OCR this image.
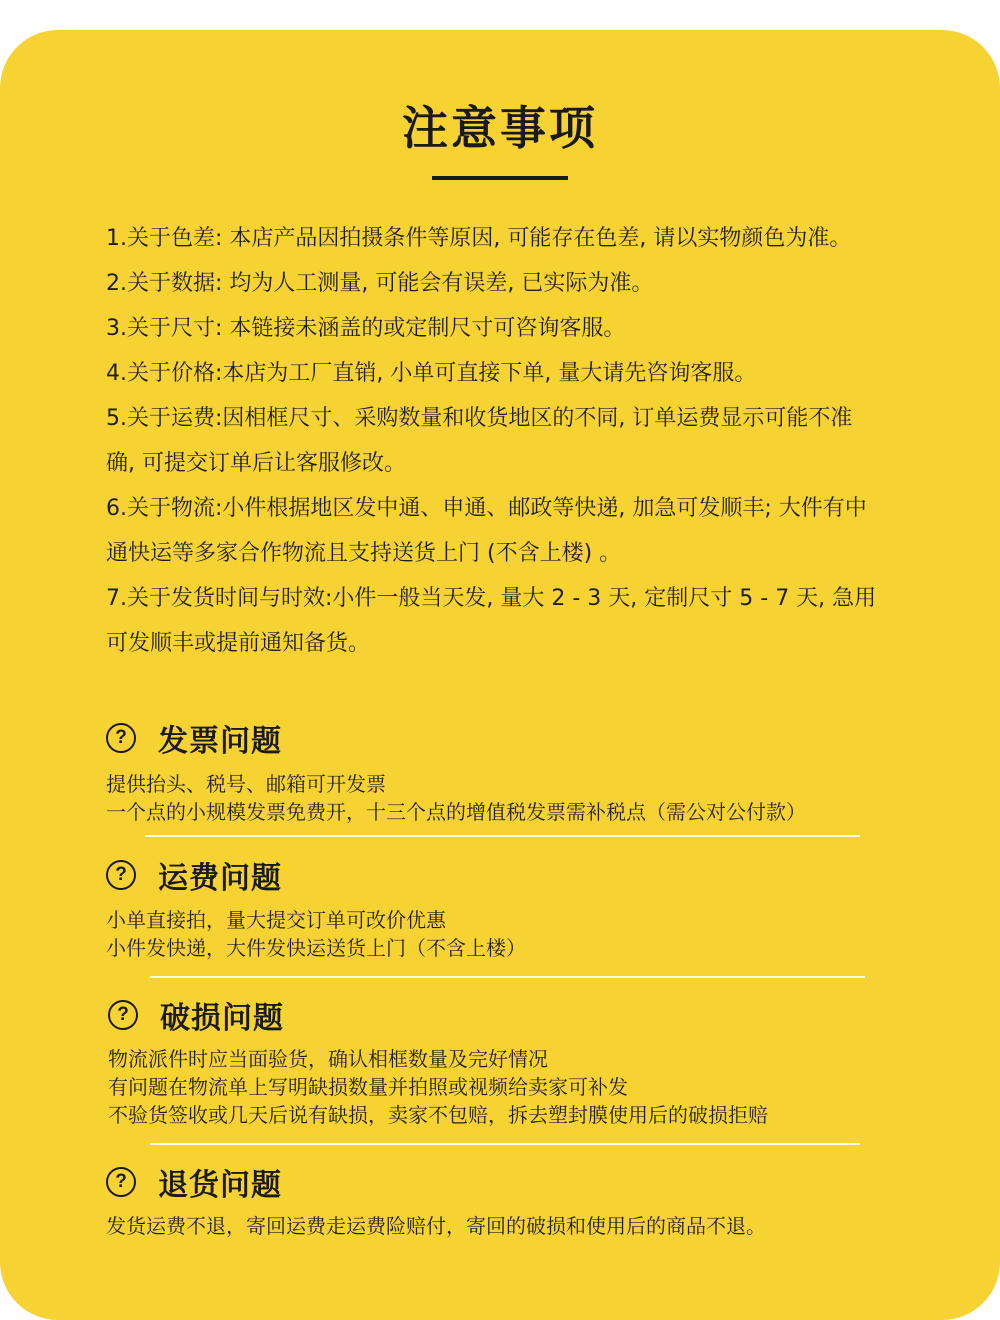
注意事项

1.关于色差: 本店产品因拍摄条件等原因, 可能存在色差, 请以实物颜色为准。

2.关于数据: 均为人工测量, 可能会有误差, 已实际为准。

3.关于尺寸: 本链接未涵盖的或定制尺寸可咨询客服。

4.关于价格:本店为工厂直销, 小单可直接下单, 量大请先咨询客服。

5.关于运费:因相框尺寸、采购数量和收货地区的不同, 订单运费显示可能不准

确, 可提交订单后让客服修改。

6.关于物流:小件根据地区发中通、申通、邮政等快递, 加急可发顺丰; 大件有中

通快运等多家合作物流且支持送货上门 (不含上楼) 。

7.关于发货时间与时效:小件一般当天发, 量大 2 - 3 天, 定制尺寸 5 - 7 天, 急用

可发顺丰或提前通知备货。

?	发票问题
提供抬头、税号、邮箱可开发票
一个点的小规模发票免费开，十三个点的增值税发票需补税点（需公对公付款）
?	运费问题
小单直接拍，量大提交订单可改价优惠
小件发快递，大件发快运送货上门（不含上楼）
?	破损问题
物流派件时应当面验货，确认相框数量及完好情况
有问题在物流单上写明缺损数量并拍照或视频给卖家可补发
不验货签收或几天后说有缺损，卖家不包赔，拆去塑封膜使用后的破损拒赔
?	退货问题
发货运费不退，寄回运费走运费险赔付，寄回的破损和使用后的商品不退。
